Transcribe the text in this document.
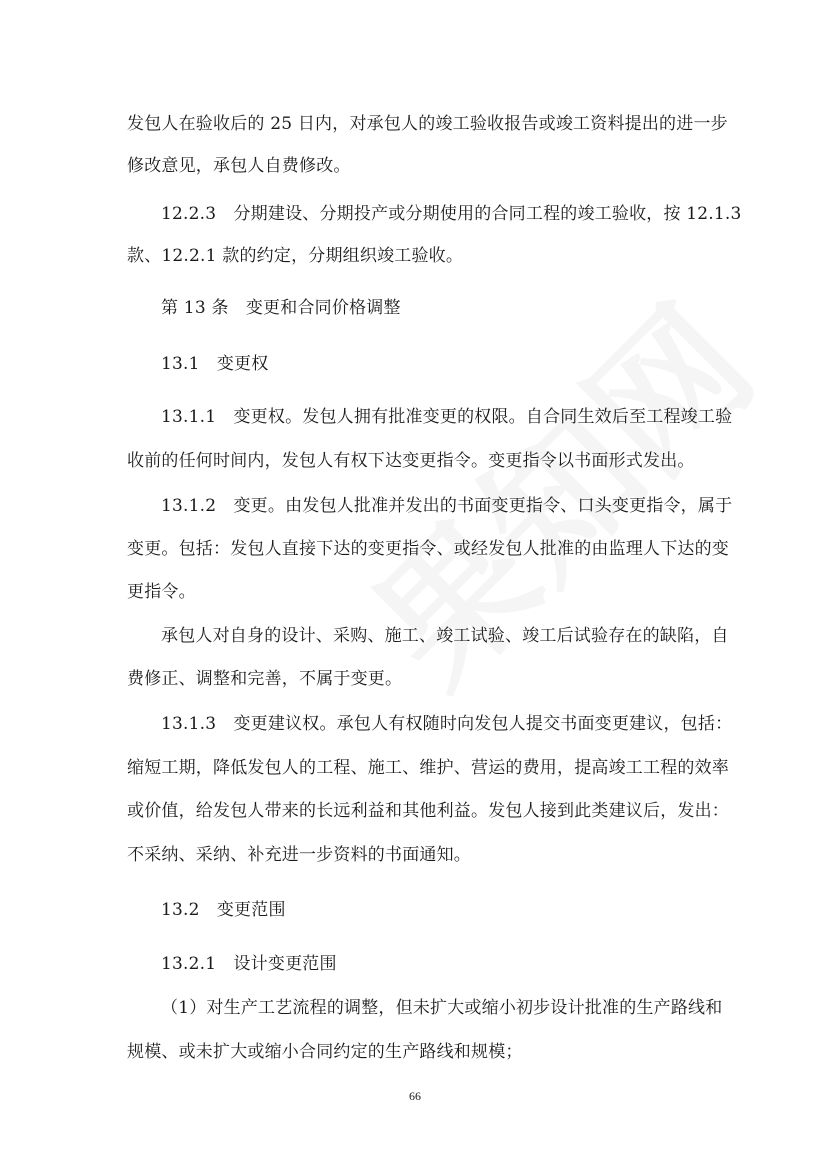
发包人在验收后的 25 日内，对承包人的竣工验收报告或竣工资料提出的进一步
修改意见，承包人自费修改。
12.2.3　分期建设、分期投产或分期使用的合同工程的竣工验收，按 12.1.3
款、12.2.1 款的约定，分期组织竣工验收。
第 13 条　变更和合同价格调整
13.1　变更权
13.1.1　变更权。发包人拥有批准变更的权限。自合同生效后至工程竣工验
收前的任何时间内，发包人有权下达变更指令。变更指令以书面形式发出。
13.1.2　变更。由发包人批准并发出的书面变更指令、口头变更指令，属于
变更。包括：发包人直接下达的变更指令、或经发包人批准的由监理人下达的变
更指令。
承包人对自身的设计、采购、施工、竣工试验、竣工后试验存在的缺陷，自
费修正、调整和完善，不属于变更。
13.1.3　变更建议权。承包人有权随时向发包人提交书面变更建议，包括：
缩短工期，降低发包人的工程、施工、维护、营运的费用，提高竣工工程的效率
或价值，给发包人带来的长远利益和其他利益。发包人接到此类建议后，发出：
不采纳、采纳、补充进一步资料的书面通知。
13.2　变更范围
13.2.1　设计变更范围
（1）对生产工艺流程的调整，但未扩大或缩小初步设计批准的生产路线和
规模、或未扩大或缩小合同约定的生产路线和规模；
66
